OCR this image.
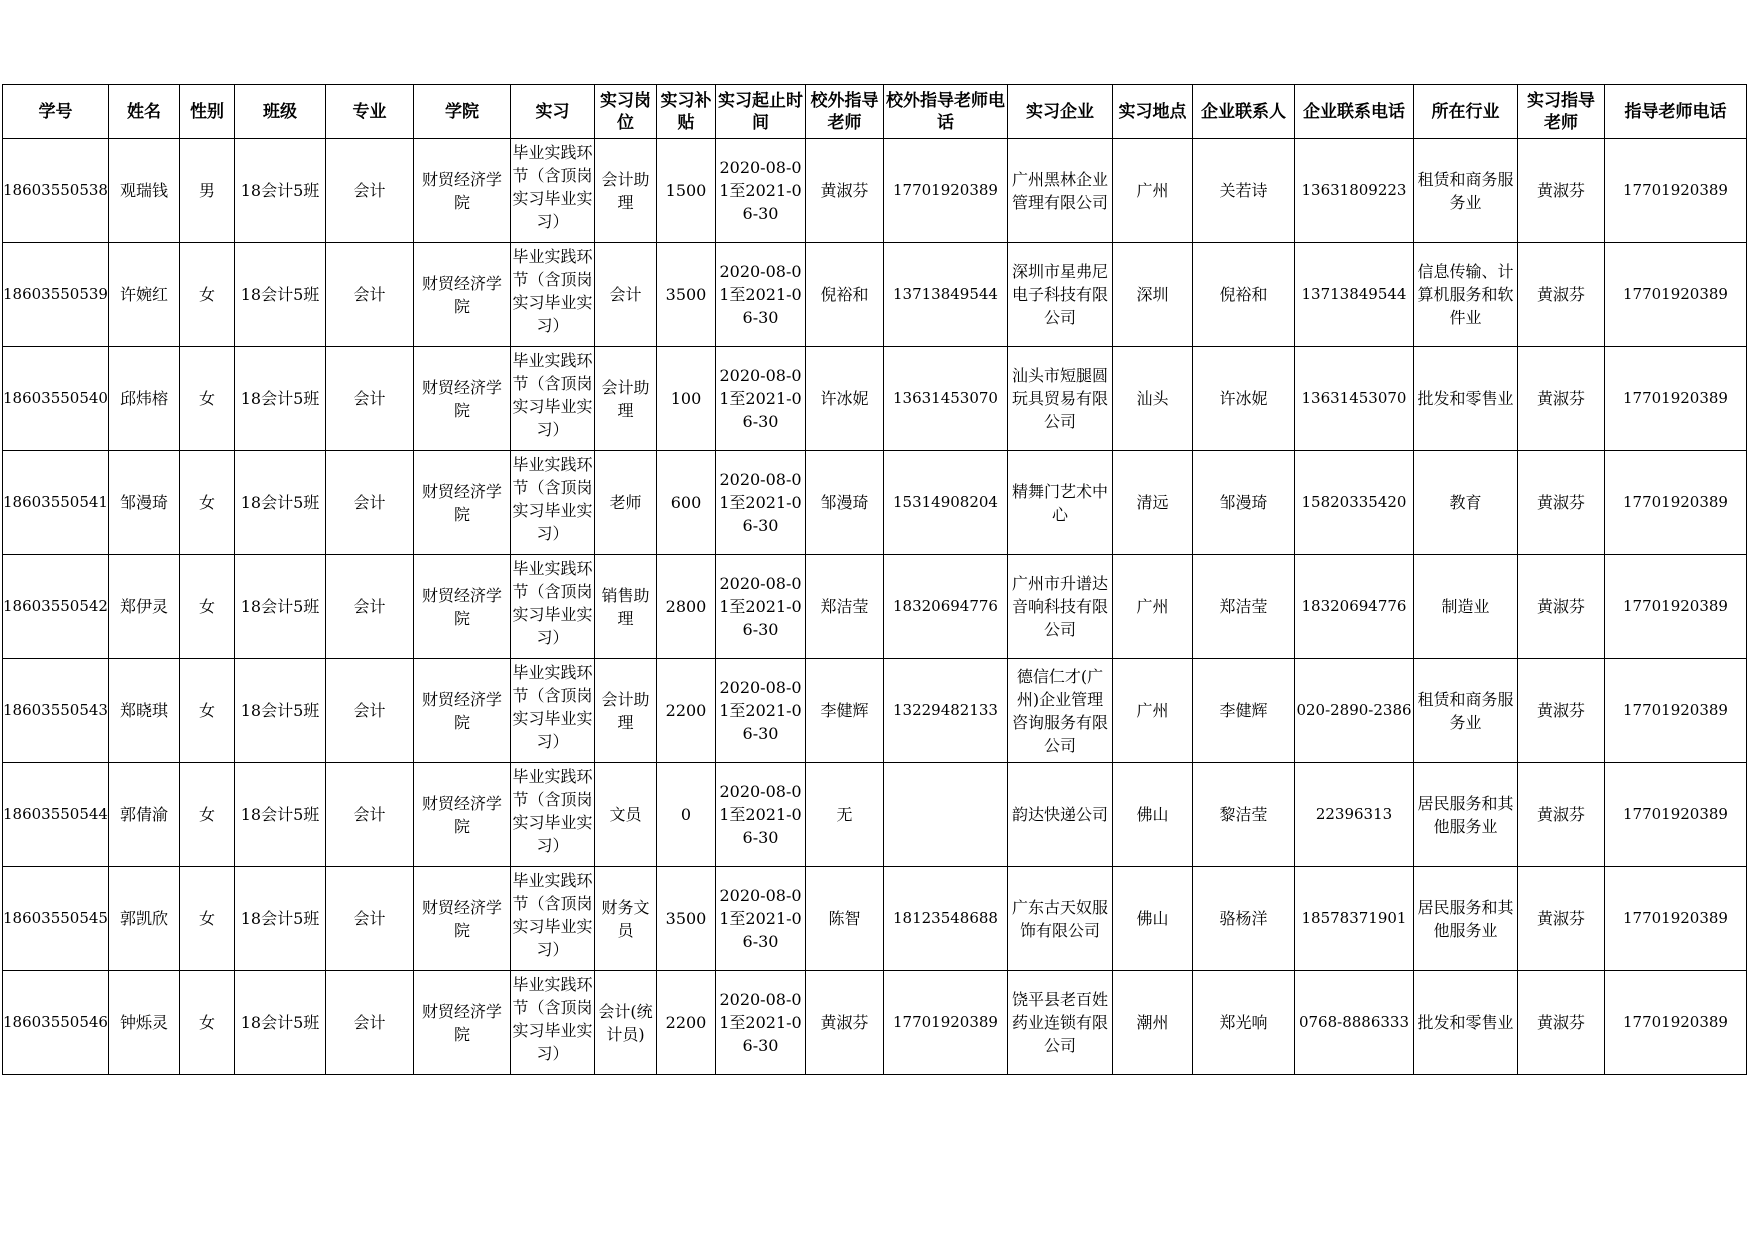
学号	姓名	性别	班级	专业	学院	实习	实习岗位	实习补贴	实习起止时间	校外指导老师	校外指导老师电话	实习企业	实习地点	企业联系人	企业联系电话	所在行业	实习指导老师	指导老师电话
18603550538	观瑞钱	男	18会计5班	会计	财贸经济学院	毕业实践环节（含顶岗实习毕业实习）	会计助理	1500	2020-08-01至2021-06-30	黄淑芬	17701920389	广州黑林企业管理有限公司	广州	关若诗	13631809223	租赁和商务服务业	黄淑芬	17701920389
18603550539	许婉红	女	18会计5班	会计	财贸经济学院	毕业实践环节（含顶岗实习毕业实习）	会计	3500	2020-08-01至2021-06-30	倪裕和	13713849544	深圳市星弗尼电子科技有限公司	深圳	倪裕和	13713849544	信息传输、计算机服务和软件业	黄淑芬	17701920389
18603550540	邱炜榕	女	18会计5班	会计	财贸经济学院	毕业实践环节（含顶岗实习毕业实习）	会计助理	100	2020-08-01至2021-06-30	许冰妮	13631453070	汕头市短腿圆玩具贸易有限公司	汕头	许冰妮	13631453070	批发和零售业	黄淑芬	17701920389
18603550541	邹漫琦	女	18会计5班	会计	财贸经济学院	毕业实践环节（含顶岗实习毕业实习）	老师	600	2020-08-01至2021-06-30	邹漫琦	15314908204	精舞门艺术中心	清远	邹漫琦	15820335420	教育	黄淑芬	17701920389
18603550542	郑伊灵	女	18会计5班	会计	财贸经济学院	毕业实践环节（含顶岗实习毕业实习）	销售助理	2800	2020-08-01至2021-06-30	郑洁莹	18320694776	广州市升谱达音响科技有限公司	广州	郑洁莹	18320694776	制造业	黄淑芬	17701920389
18603550543	郑晓琪	女	18会计5班	会计	财贸经济学院	毕业实践环节（含顶岗实习毕业实习）	会计助理	2200	2020-08-01至2021-06-30	李健辉	13229482133	德信仁才(广州)企业管理咨询服务有限公司	广州	李健辉	020-2890-2386	租赁和商务服务业	黄淑芬	17701920389
18603550544	郭倩渝	女	18会计5班	会计	财贸经济学院	毕业实践环节（含顶岗实习毕业实习）	文员	0	2020-08-01至2021-06-30	无		韵达快递公司	佛山	黎洁莹	22396313	居民服务和其他服务业	黄淑芬	17701920389
18603550545	郭凯欣	女	18会计5班	会计	财贸经济学院	毕业实践环节（含顶岗实习毕业实习）	财务文员	3500	2020-08-01至2021-06-30	陈智	18123548688	广东古天奴服饰有限公司	佛山	骆杨洋	18578371901	居民服务和其他服务业	黄淑芬	17701920389
18603550546	钟烁灵	女	18会计5班	会计	财贸经济学院	毕业实践环节（含顶岗实习毕业实习）	会计(统计员)	2200	2020-08-01至2021-06-30	黄淑芬	17701920389	饶平县老百姓药业连锁有限公司	潮州	郑光响	0768-8886333	批发和零售业	黄淑芬	17701920389
